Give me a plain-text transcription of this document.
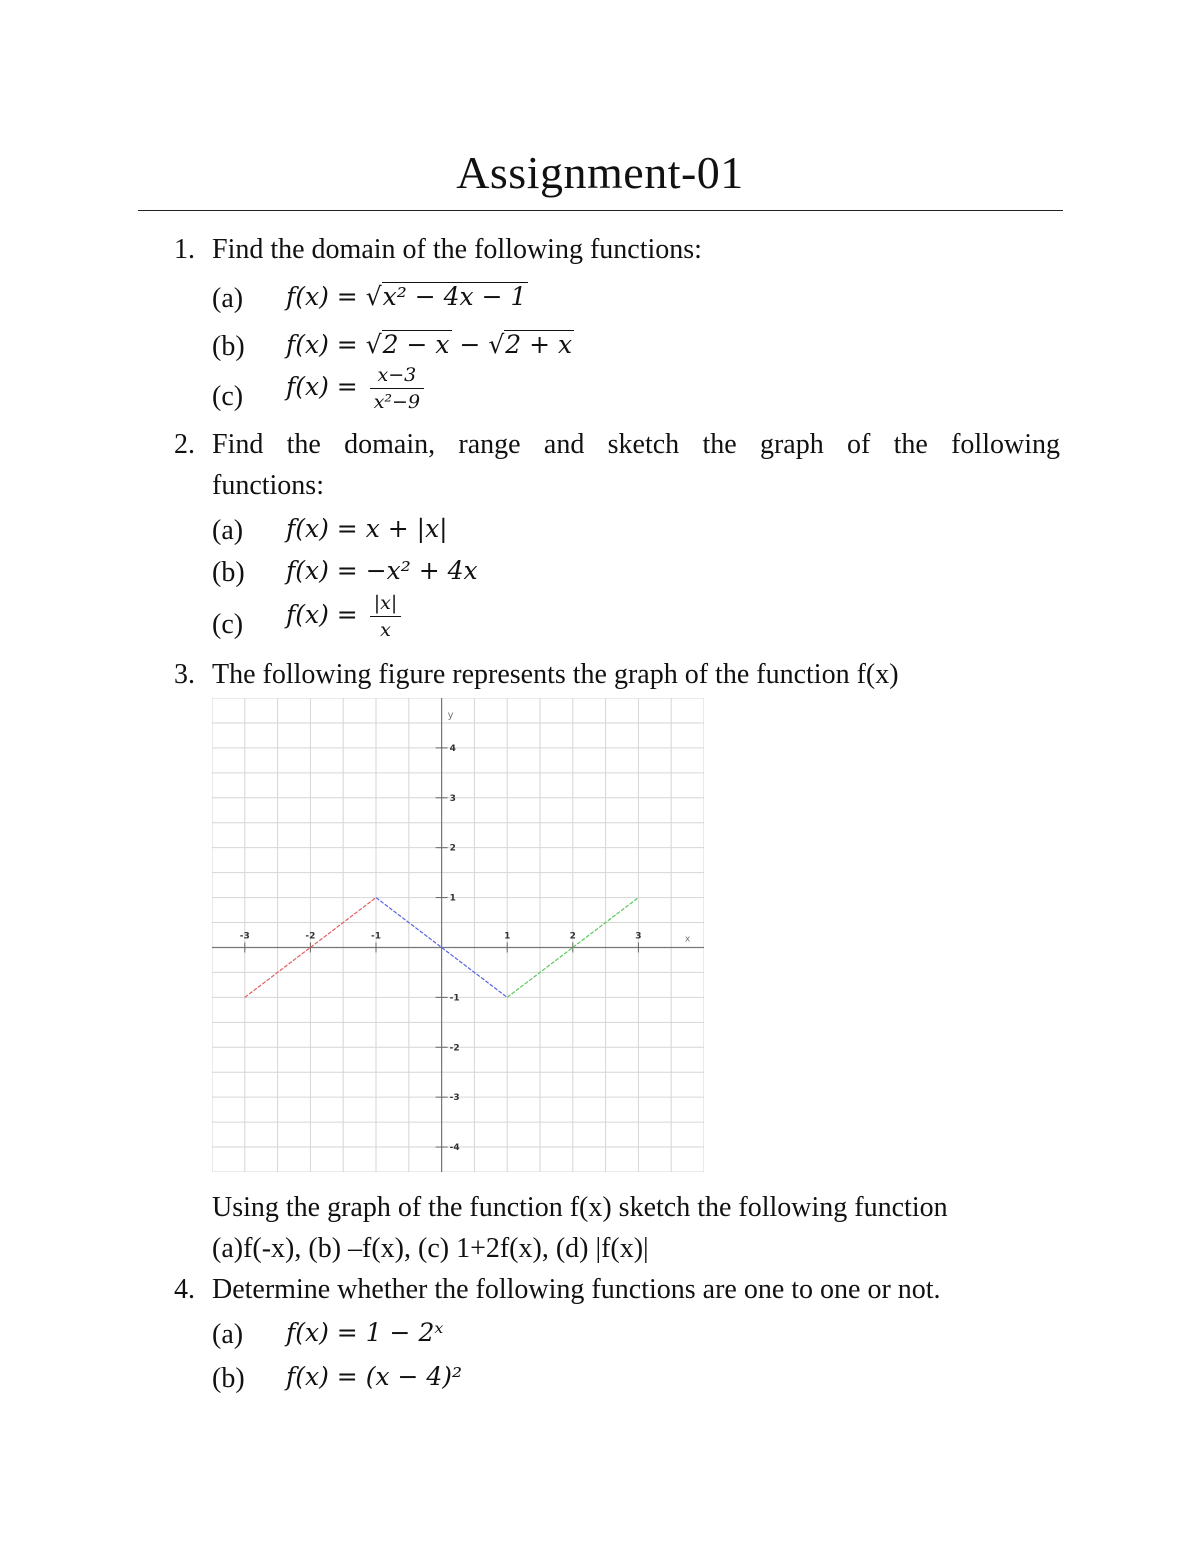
Assignment-01
1. Find the domain of the following functions:
(a) f(x) = √x² − 4x − 1
(b) f(x) = √2 − x − √2 + x
(c) $f(x) = \frac{x-3}{\text{x²−9}}$
2. Find the domain, range and sketch the graph of the following
functions:
(a) f(x) = x + |x|
(b) f(x) = −x² + 4x
(c) $f(x) = \frac{|x|}{x}$
3. The following figure represents the graph of the function f(x)
x
y
-3	-2	-1	1	2	3
4
3
2
1
-1
-2
-3
-4
Using the graph of the function f(x) sketch the following function
(a)f(-x), (b) –f(x), (c) 1+2f(x), (d) |f(x)|
4. Determine whether the following functions are one to one or not.
(a) f(x) = 1 − 2ˣ
(b) f(x) = (x − 4)²
